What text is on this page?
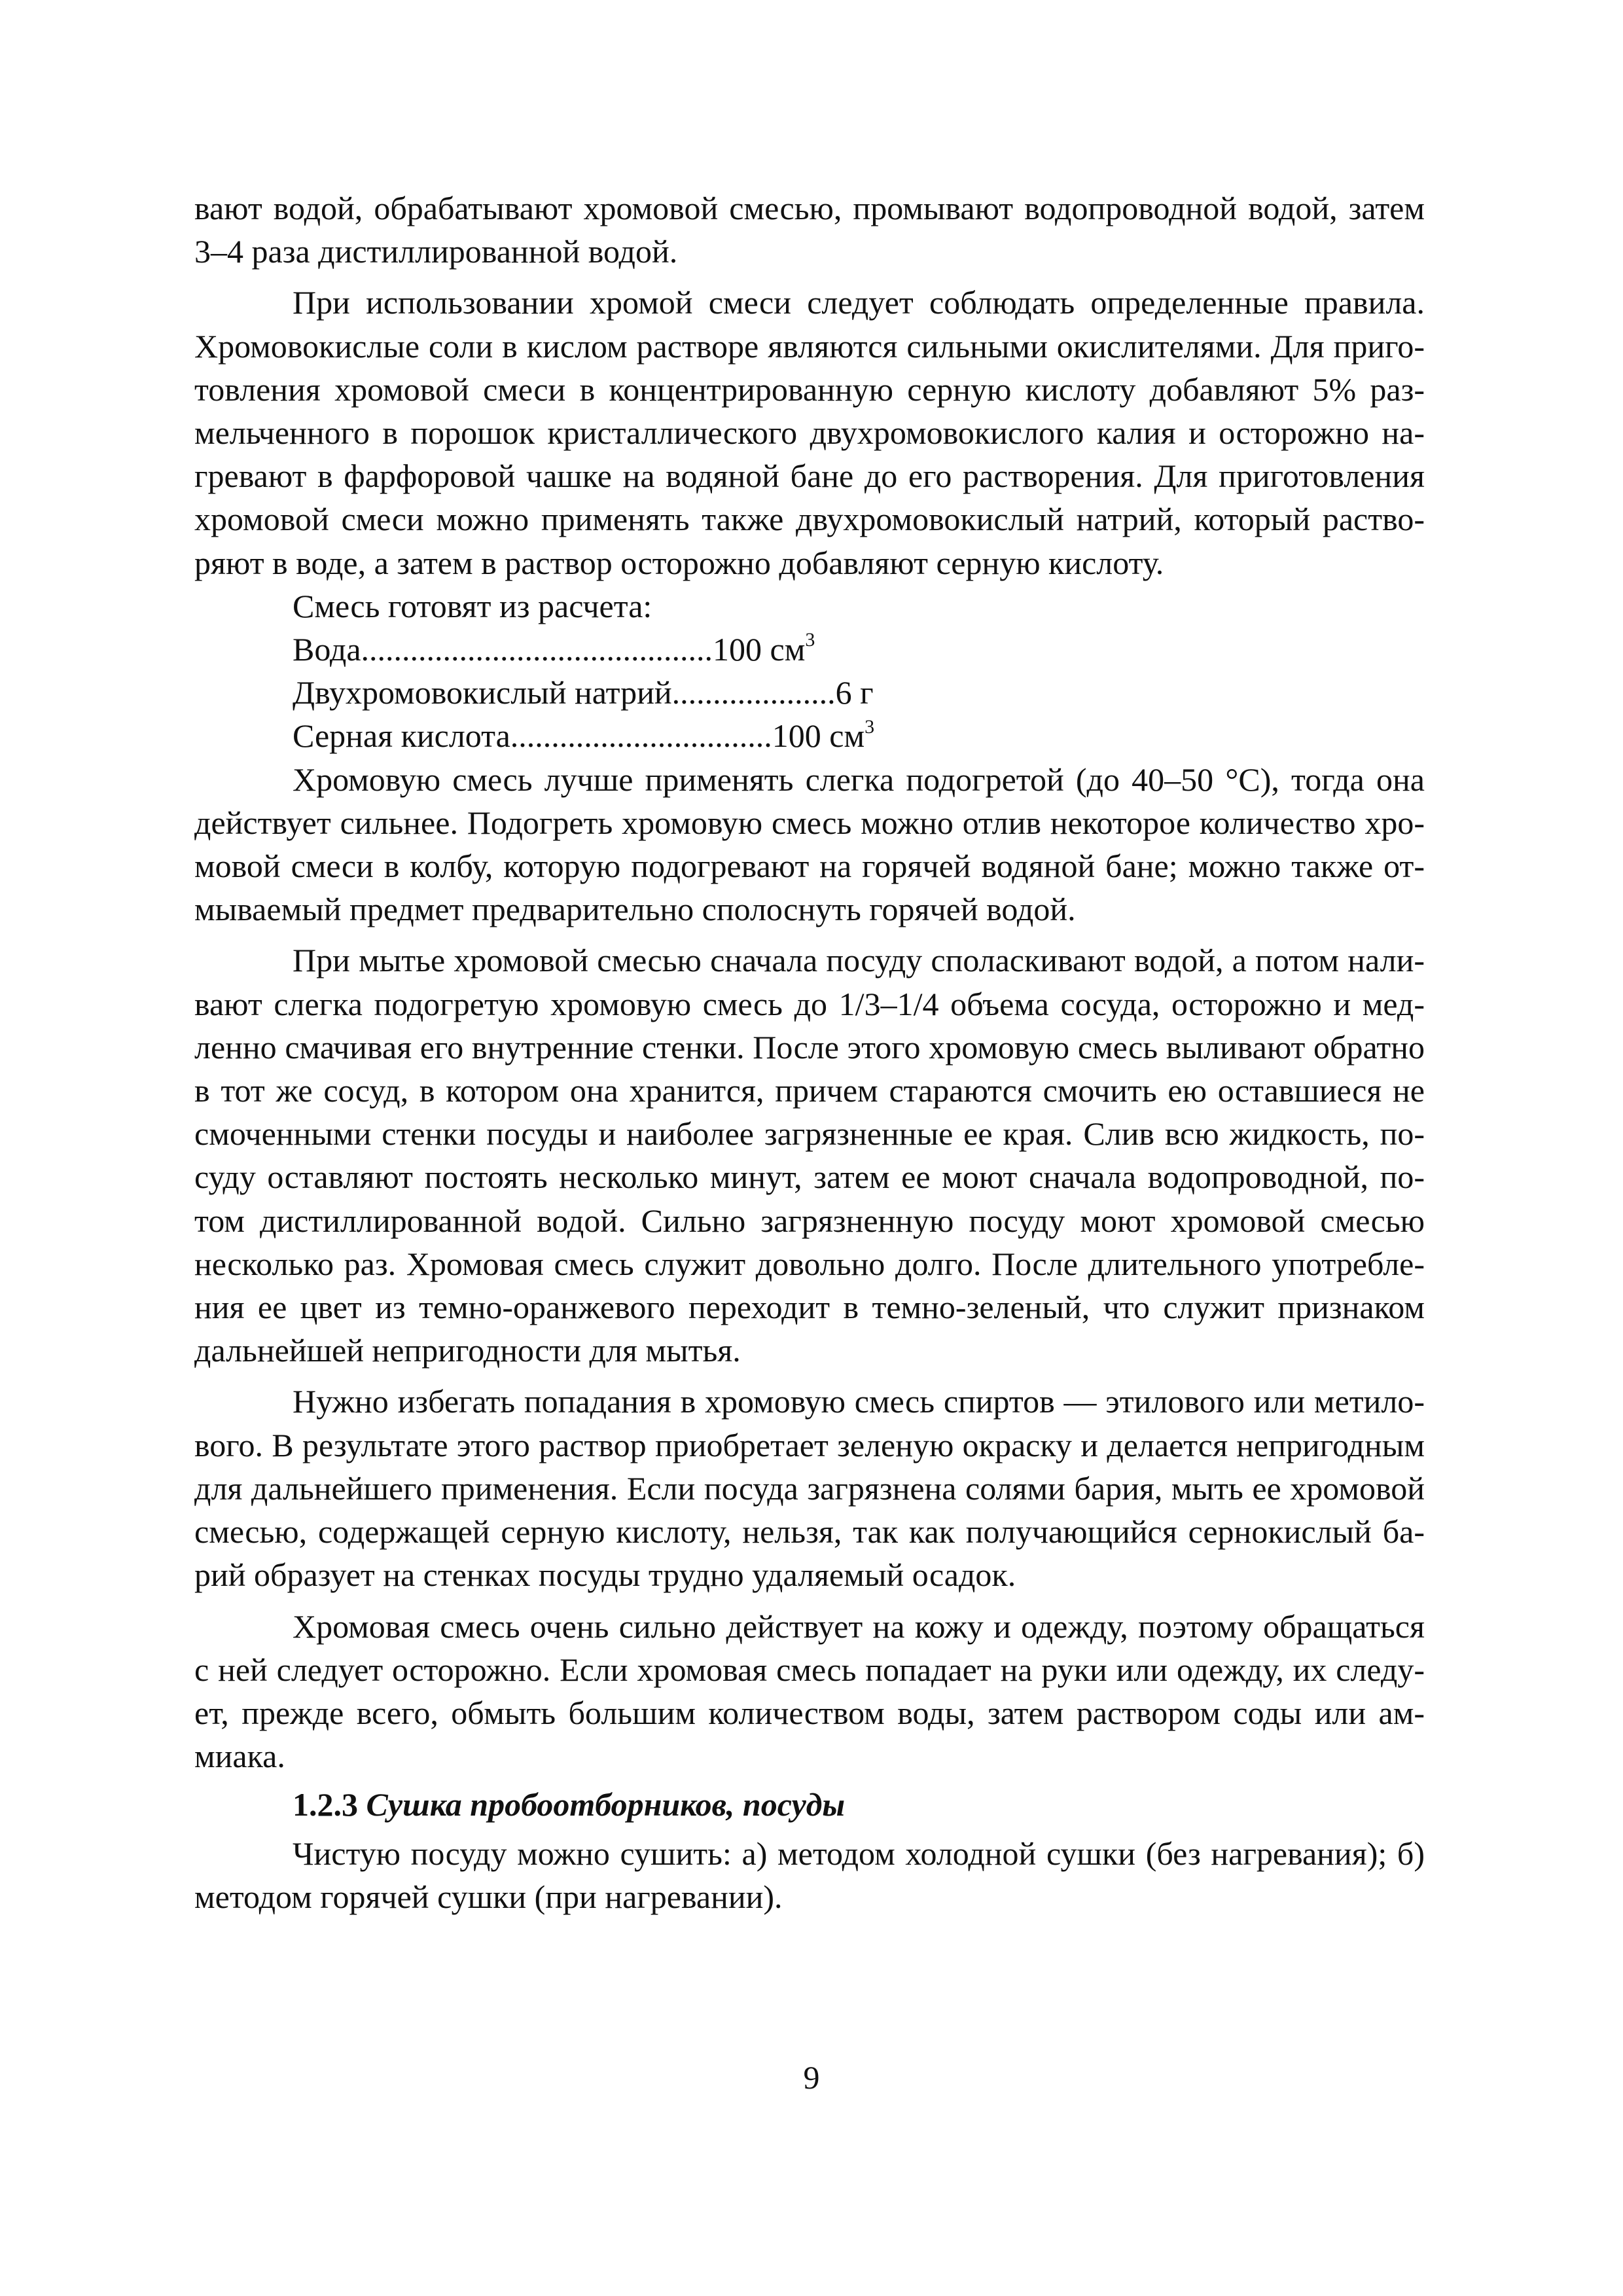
вают водой, обрабатывают хромовой смесью, промывают водопроводной водой, затем 3–4 раза дистиллированной водой.

При использовании хромой смеси следует соблюдать определенные правила. Хромовокислые соли в кислом растворе являются сильными окислителями. Для приготовления хромовой смеси в концентрированную серную кислоту добавляют 5% размельченного в порошок кристаллического двухромовокислого калия и осторожно нагревают в фарфоровой чашке на водяной бане до его растворения. Для приготовления хромовой смеси можно применять также двухромовокислый натрий, который растворяют в воде, а затем в раствор осторожно добавляют серную кислоту.

Смесь готовят из расчета:

Вода...........................................100 $см^3$
Двухромовокислый натрий....................6 г
Серная кислота................................100 $см^3$

Хромовую смесь лучше применять слегка подогретой (до 40–50 °С), тогда она действует сильнее. Подогреть хромовую смесь можно отлив некоторое количество хромовой смеси в колбу, которую подогревают на горячей водяной бане; можно также отмываемый предмет предварительно сполоснуть горячей водой.

При мытье хромовой смесью сначала посуду споласкивают водой, а потом наливают слегка подогретую хромовую смесь до 1/3–1/4 объема сосуда, осторожно и медленно смачивая его внутренние стенки. После этого хромовую смесь выливают обратно в тот же сосуд, в котором она хранится, причем стараются смочить ею оставшиеся не смоченными стенки посуды и наиболее загрязненные ее края. Слив всю жидкость, посуду оставляют постоять несколько минут, затем ее моют сначала водопроводной, потом дистиллированной водой. Сильно загрязненную посуду моют хромовой смесью несколько раз. Хромовая смесь служит довольно долго. После длительного употребления ее цвет из темно-оранжевого переходит в темно-зеленый, что служит признаком дальнейшей непригодности для мытья.

Нужно избегать попадания в хромовую смесь спиртов — этилового или метилового. В результате этого раствор приобретает зеленую окраску и делается непригодным для дальнейшего применения. Если посуда загрязнена солями бария, мыть ее хромовой смесью, содержащей серную кислоту, нельзя, так как получающийся сернокислый барий образует на стенках посуды трудно удаляемый осадок.

Хромовая смесь очень сильно действует на кожу и одежду, поэтому обращаться с ней следует осторожно. Если хромовая смесь попадает на руки или одежду, их следует, прежде всего, обмыть большим количеством воды, затем раствором соды или аммиака.

1.2.3 Сушка пробоотборников, посуды

Чистую посуду можно сушить: а) методом холодной сушки (без нагревания); б) методом горячей сушки (при нагревании).

9
